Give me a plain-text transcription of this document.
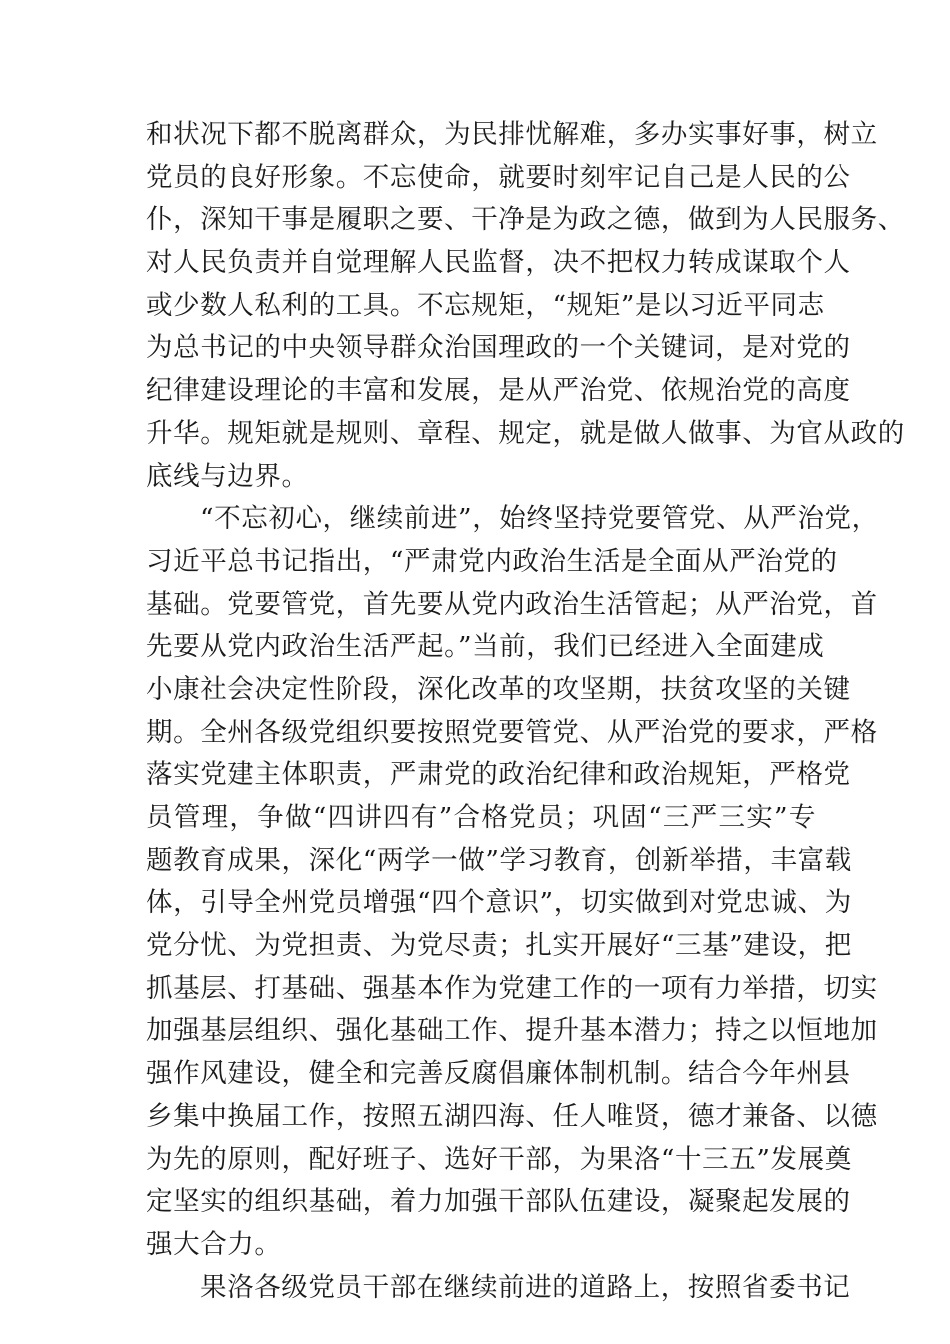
和状况下都不脱离群众，为民排忧解难，多办实事好事，树立
党员的良好形象。不忘使命，就要时刻牢记自己是人民的公
仆，深知干事是履职之要、干净是为政之德，做到为人民服务、
对人民负责并自觉理解人民监督，决不把权力转成谋取个人
或少数人私利的工具。不忘规矩，“规矩”是以习近平同志
为总书记的中央领导群众治国理政的一个关键词，是对党的
纪律建设理论的丰富和发展，是从严治党、依规治党的高度
升华。规矩就是规则、章程、规定，就是做人做事、为官从政的
底线与边界。
“不忘初心，继续前进”，始终坚持党要管党、从严治党，
习近平总书记指出，“严肃党内政治生活是全面从严治党的
基础。党要管党，首先要从党内政治生活管起；从严治党，首
先要从党内政治生活严起。”当前，我们已经进入全面建成
小康社会决定性阶段，深化改革的攻坚期，扶贫攻坚的关键
期。全州各级党组织要按照党要管党、从严治党的要求，严格
落实党建主体职责，严肃党的政治纪律和政治规矩，严格党
员管理，争做“四讲四有”合格党员；巩固“三严三实”专
题教育成果，深化“两学一做”学习教育，创新举措，丰富载
体，引导全州党员增强“四个意识”，切实做到对党忠诚、为
党分忧、为党担责、为党尽责；扎实开展好“三基”建设，把
抓基层、打基础、强基本作为党建工作的一项有力举措，切实
加强基层组织、强化基础工作、提升基本潜力；持之以恒地加
强作风建设，健全和完善反腐倡廉体制机制。结合今年州县
乡集中换届工作，按照五湖四海、任人唯贤，德才兼备、以德
为先的原则，配好班子、选好干部，为果洛“十三五”发展奠
定坚实的组织基础，着力加强干部队伍建设，凝聚起发展的
强大合力。
果洛各级党员干部在继续前进的道路上，按照省委书记
